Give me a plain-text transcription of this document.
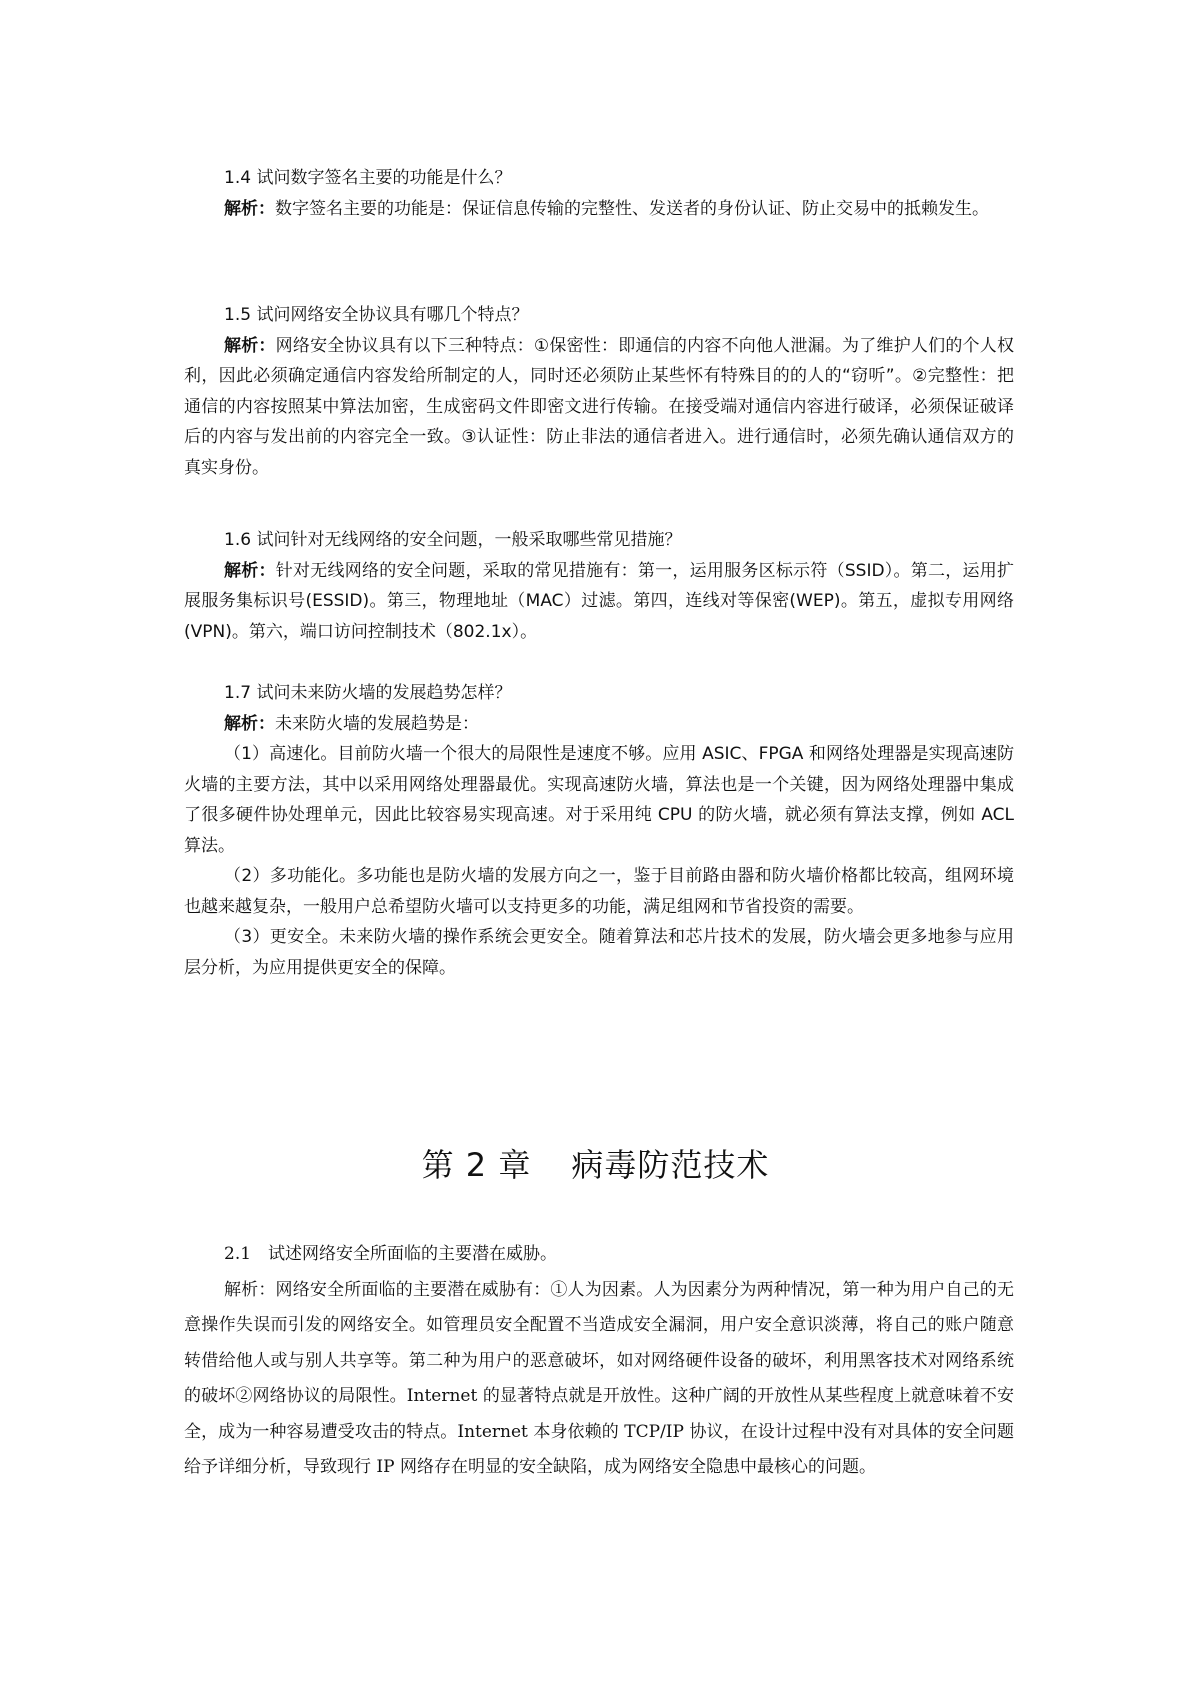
1.4 试问数字签名主要的功能是什么？

解析：数字签名主要的功能是：保证信息传输的完整性、发送者的身份认证、防止交易中的抵赖发生。

1.5 试问网络安全协议具有哪几个特点？

解析：网络安全协议具有以下三种特点：①保密性：即通信的内容不向他人泄漏。为了维护人们的个人权利，因此必须确定通信内容发给所制定的人，同时还必须防止某些怀有特殊目的的人的“窃听”。②完整性：把通信的内容按照某中算法加密，生成密码文件即密文进行传输。在接受端对通信内容进行破译，必须保证破译后的内容与发出前的内容完全一致。③认证性：防止非法的通信者进入。进行通信时，必须先确认通信双方的真实身份。

1.6 试问针对无线网络的安全问题，一般采取哪些常见措施？

解析：针对无线网络的安全问题，采取的常见措施有：第一，运用服务区标示符（SSID）。第二，运用扩展服务集标识号(ESSID)。第三，物理地址（MAC）过滤。第四，连线对等保密(WEP)。第五，虚拟专用网络(VPN)。第六，端口访问控制技术（802.1x）。

1.7 试问未来防火墙的发展趋势怎样？

解析：未来防火墙的发展趋势是：

（1）高速化。目前防火墙一个很大的局限性是速度不够。应用 ASIC、FPGA 和网络处理器是实现高速防火墙的主要方法，其中以采用网络处理器最优。实现高速防火墙，算法也是一个关键，因为网络处理器中集成了很多硬件协处理单元，因此比较容易实现高速。对于采用纯 CPU 的防火墙，就必须有算法支撑，例如 ACL 算法。

（2）多功能化。多功能也是防火墙的发展方向之一，鉴于目前路由器和防火墙价格都比较高，组网环境也越来越复杂，一般用户总希望防火墙可以支持更多的功能，满足组网和节省投资的需要。

（3）更安全。未来防火墙的操作系统会更安全。随着算法和芯片技术的发展，防火墙会更多地参与应用层分析，为应用提供更安全的保障。

第 2 章 病毒防范技术

2.1　试述网络安全所面临的主要潜在威胁。

解析：网络安全所面临的主要潜在威胁有：①人为因素。人为因素分为两种情况，第一种为用户自己的无意操作失误而引发的网络安全。如管理员安全配置不当造成安全漏洞，用户安全意识淡薄，将自己的账户随意转借给他人或与别人共享等。第二种为用户的恶意破坏，如对网络硬件设备的破坏，利用黑客技术对网络系统的破坏②网络协议的局限性。Internet 的显著特点就是开放性。这种广阔的开放性从某些程度上就意味着不安全，成为一种容易遭受攻击的特点。Internet 本身依赖的 TCP/IP 协议，在设计过程中没有对具体的安全问题给予详细分析，导致现行 IP 网络存在明显的安全缺陷，成为网络安全隐患中最核心的问题。
